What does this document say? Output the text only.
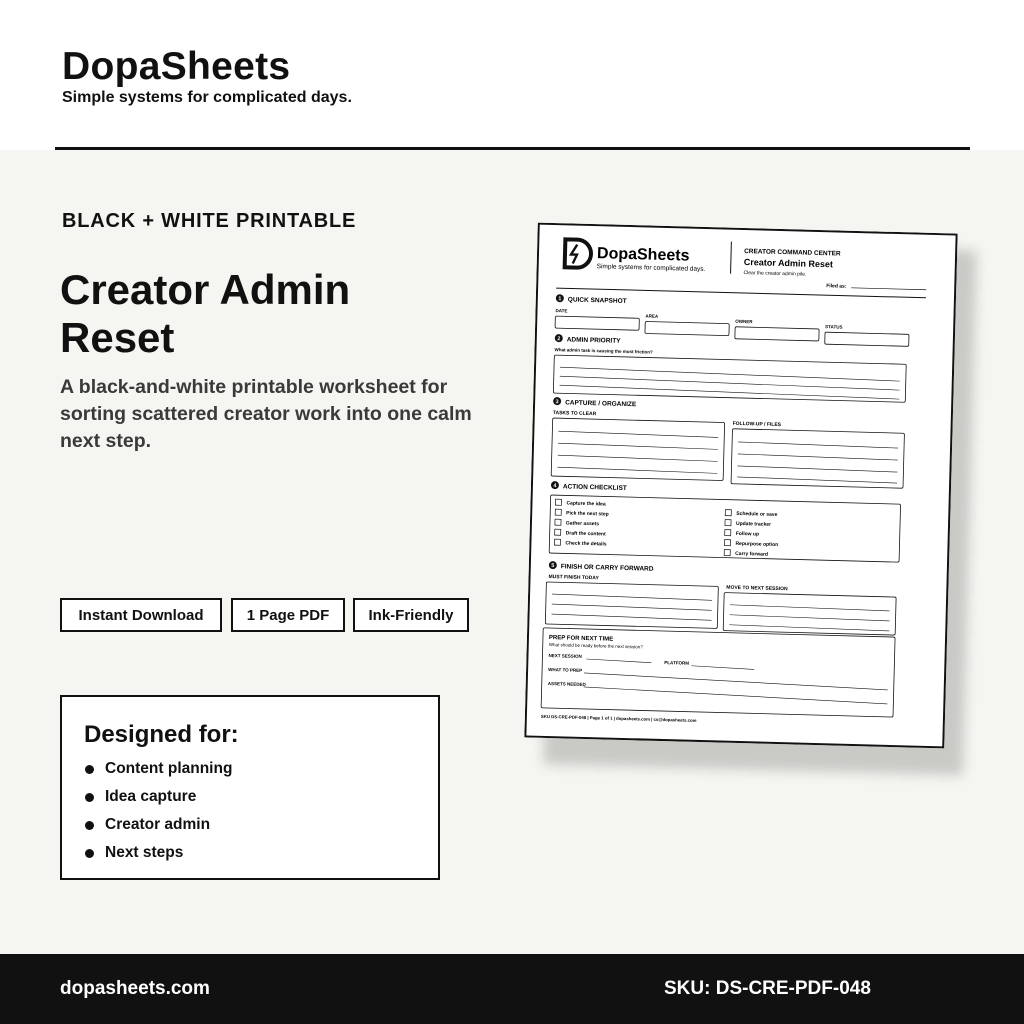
DopaSheets
Simple systems for complicated days.
BLACK + WHITE PRINTABLE
Creator Admin
Reset

A black-and-white printable worksheet for sorting scattered creator work into one calm next step.

Instant Download	1 Page PDF	Ink-Friendly
Designed for:
Content planning
Idea capture
Creator admin
Next steps
DopaSheets
Simple systems for complicated days.
CREATOR COMMAND CENTER
Creator Admin Reset
Clear the creator admin pile.
Filed as:
1 QUICK SNAPSHOT
DATE
AREA
OWNER
STATUS
2 ADMIN PRIORITY
What admin task is causing the most friction?
3 CAPTURE / ORGANIZE
TASKS TO CLEAR
FOLLOW-UP / FILES
4 ACTION CHECKLIST
Capture the idea
Pick the next step
Gather assets
Draft the content
Check the details
Schedule or save
Update tracker
Follow up
Repurpose option
Carry forward
5 FINISH OR CARRY FORWARD
MUST FINISH TODAY
MOVE TO NEXT SESSION
PREP FOR NEXT TIME
What should be ready before the next session?
NEXT SESSION
PLATFORM
WHAT TO PREP
ASSETS NEEDED
SKU DS-CRE-PDF-048 | Page 1 of 1 | dopasheets.com | cs@dopasheets.com
dopasheets.com	SKU: DS-CRE-PDF-048
